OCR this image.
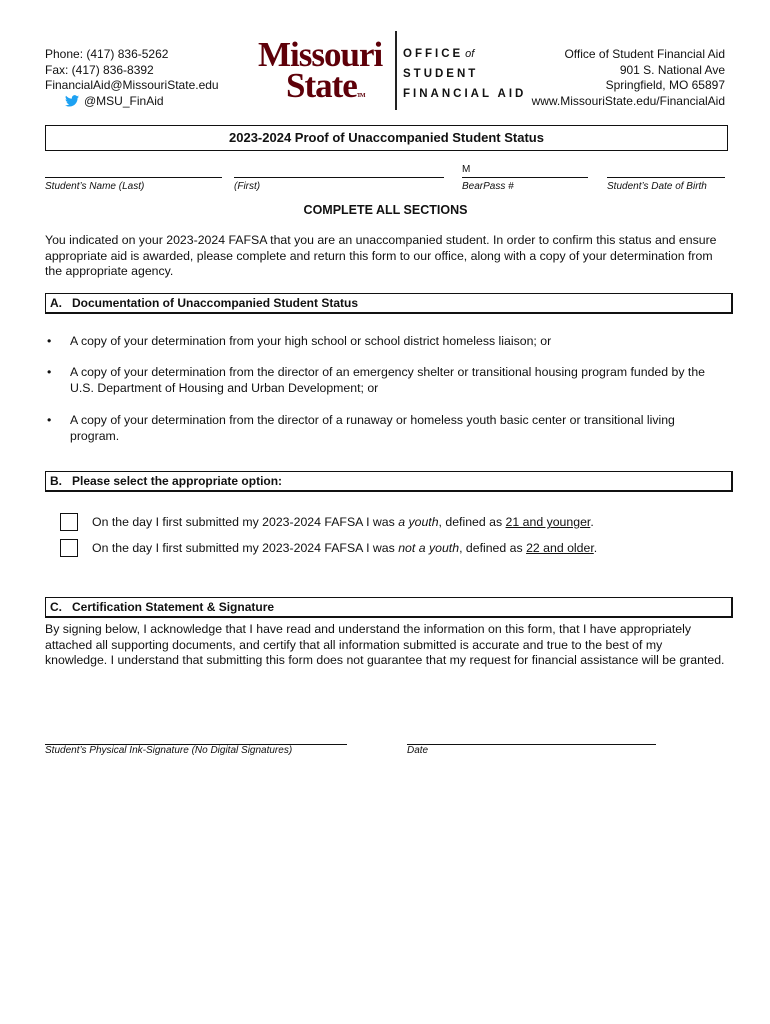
Phone: (417) 836-5262
Fax: (417) 836-8392
FinancialAid@MissouriState.edu
@MSU_FinAid
Missouri
StateTM
OFFICE of
STUDENT
FINANCIAL AID
Office of Student Financial Aid
901 S. National Ave
Springfield, MO 65897
www.MissouriState.edu/FinancialAid
2023-2024 Proof of Unaccompanied Student Status
Student’s Name (Last)	(First)
M
BearPass #	Student’s Date of Birth
COMPLETE ALL SECTIONS
You indicated on your 2023-2024 FAFSA that you are an unaccompanied student. In order to confirm this status and ensure appropriate aid is awarded, please complete and return this form to our office, along with a copy of your determination from the appropriate agency.
A. Documentation of Unaccompanied Student Status
•	A copy of your determination from your high school or school district homeless liaison; or
•	A copy of your determination from the director of an emergency shelter or transitional housing program funded by the U.S. Department of Housing and Urban Development; or
•	A copy of your determination from the director of a runaway or homeless youth basic center or transitional living program.
B. Please select the appropriate option:
On the day I first submitted my 2023-2024 FAFSA I was a youth, defined as 21 and younger.
On the day I first submitted my 2023-2024 FAFSA I was not a youth, defined as 22 and older.
C. Certification Statement & Signature
By signing below, I acknowledge that I have read and understand the information on this form, that I have appropriately attached all supporting documents, and certify that all information submitted is accurate and true to the best of my knowledge. I understand that submitting this form does not guarantee that my request for financial assistance will be granted.
Student’s Physical Ink-Signature (No Digital Signatures)	Date
